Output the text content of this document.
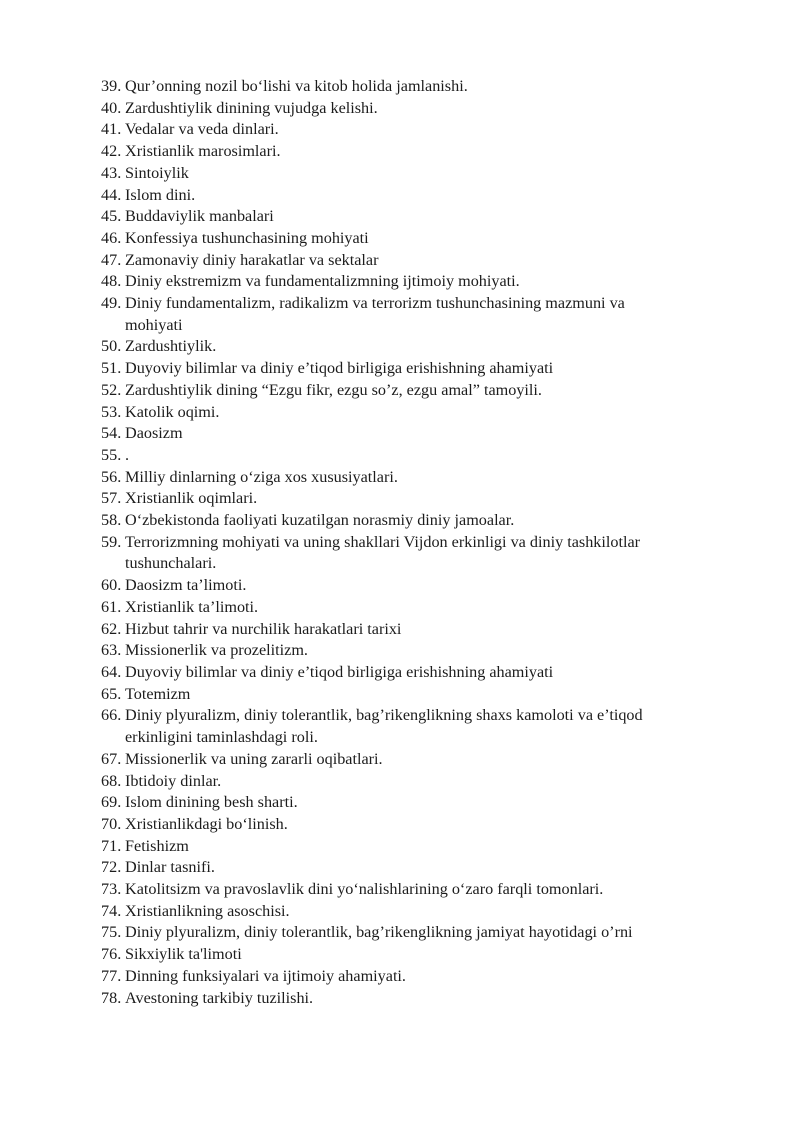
39. Qur’onning nozil bo‘lishi va kitob holida jamlanishi.
40. Zardushtiylik dinining vujudga kelishi.
41. Vedalar va veda dinlari.
42. Xristianlik marosimlari.
43. Sintoiylik
44. Islom dini.
45. Buddaviylik manbalari
46. Konfessiya tushunchasining mohiyati
47. Zamonaviy diniy harakatlar va sektalar
48. Diniy ekstremizm va fundamentalizmning ijtimoiy mohiyati.
49. Diniy fundamentalizm, radikalizm va terrorizm tushunchasining mazmuni va mohiyati
50. Zardushtiylik.
51. Duyoviy bilimlar va diniy e’tiqod birligiga erishishning ahamiyati
52. Zardushtiylik dining “Ezgu fikr, ezgu so’z, ezgu amal” tamoyili.
53. Katolik oqimi.
54. Daosizm
55. .
56. Milliy dinlarning o‘ziga xos xususiyatlari.
57. Xristianlik oqimlari.
58. O‘zbekistonda faoliyati kuzatilgan norasmiy diniy jamoalar.
59. Terrorizmning mohiyati va uning shakllari Vijdon erkinligi va diniy tashkilotlar tushunchalari.
60. Daosizm ta’limoti.
61. Xristianlik ta’limoti.
62. Hizbut tahrir va nurchilik harakatlari tarixi
63. Missionerlik va prozelitizm.
64. Duyoviy bilimlar va diniy e’tiqod birligiga erishishning ahamiyati
65. Totemizm
66. Diniy plyuralizm, diniy tolerantlik, bag’rikenglikning shaxs kamoloti va e’tiqod erkinligini taminlashdagi roli.
67. Missionerlik va uning zararli oqibatlari.
68. Ibtidoiy dinlar.
69. Islom dinining besh sharti.
70. Xristianlikdagi bo‘linish.
71. Fetishizm
72. Dinlar tasnifi.
73. Katolitsizm va pravoslavlik dini yo‘nalishlarining o‘zaro farqli tomonlari.
74. Xristianlikning asoschisi.
75. Diniy plyuralizm, diniy tolerantlik, bag’rikenglikning jamiyat hayotidagi o’rni
76. Sikxiylik ta'limoti
77. Dinning funksiyalari va ijtimoiy ahamiyati.
78. Avestoning tarkibiy tuzilishi.
